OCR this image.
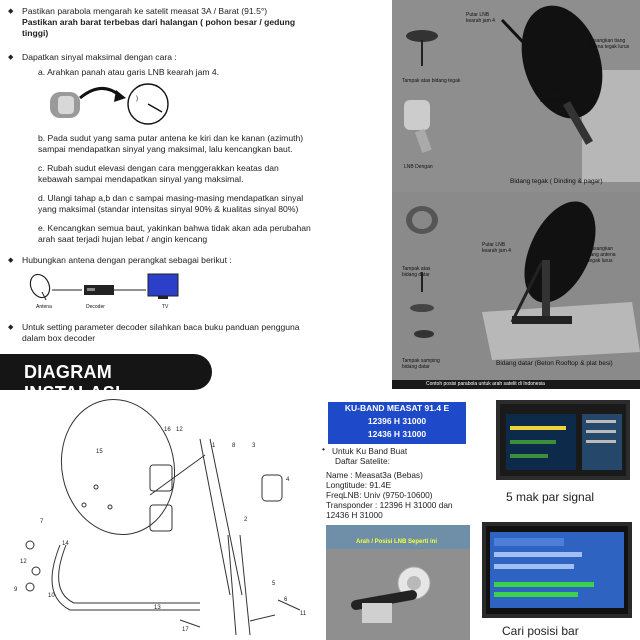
◆ Pastikan parabola mengarah ke satelit measat 3A / Barat (91.5°)
Pastikan arah barat terbebas dari halangan ( pohon besar / gedung
tinggi)
◆ Dapatkan sinyal maksimal dengan cara :
a. Arahkan panah atau garis LNB kearah jam 4.
)
b. Pada sudut yang sama putar antena ke kiri dan ke kanan (azimuth)
sampai mendapatkan sinyal yang maksimal, lalu kencangkan baut.
c. Rubah sudut elevasi dengan cara menggerakkan keatas dan
kebawah sampai mendapatkan sinyal yang maksimal.
d. Ulangi tahap a,b dan c sampai masing-masing mendapatkan sinyal
yang maksimal (standar intensitas sinyal 90% & kualitas sinyal 80%)
e. Kencangkan semua baut, yakinkan bahwa tidak akan ada perubahan
arah saat terjadi hujan lebat / angin kencang
◆ Hubungkan antena dengan perangkat sebagai berikut :
Antena	Decoder	TV
◆ Untuk setting parameter decoder silahkan baca buku panduan pengguna
dalam box decoder
Putar LNB
kearah jam 4
Pasangkan tiang
antena tegak lurus
Tampak atas bidang tegak
lekah
sudut elevasi
LNB Dengan
Bidang tegak ( Dinding & pagar)
Putar LNB
kearah jam 4	Pasangkan
tiang antena
tegak lurus
Tampak atas
bidang datar
Tampak samping
bidang datar	Bidang datar (Beton Rooftop & plat besi)
Contoh posisi parabola untuk arah satelit di Indonesia
DIAGRAM INSTALASI
15
16 12
1	8	3
4
2
7
14
12
9
10
13
5
6
17
11
KU-BAND MEASAT 91.4 E
12396 H 31000
12436 H 31000
• Untuk Ku Band Buat
Daftar Satelite:
Name : Measat3a (Bebas)
Longtitude: 91.4E
FreqLNB: Univ (9750-10600)
Transponder : 12396 H 31000 dan
12436 H 31000
5 mak par signal
Arah / Posisi LNB Seperti ini
Cari posisi bar
